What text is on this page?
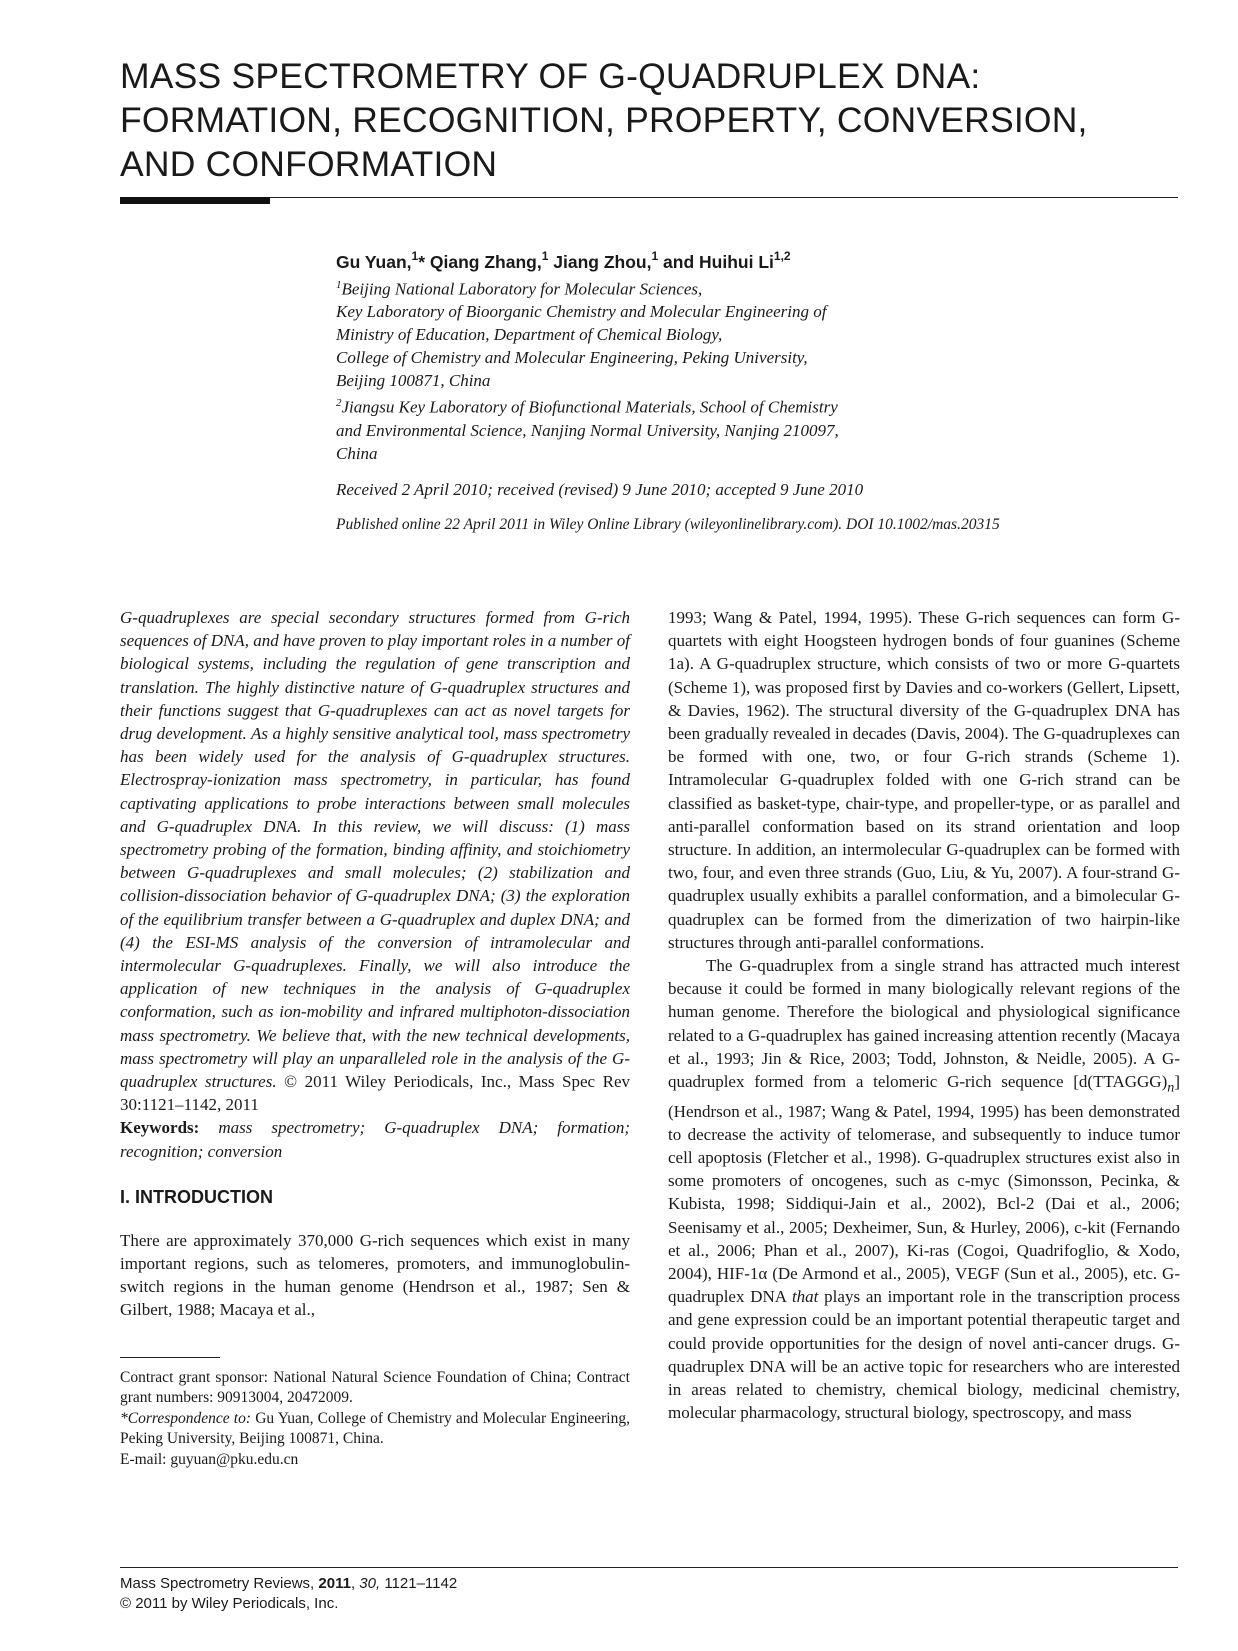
MASS SPECTROMETRY OF G-QUADRUPLEX DNA:
FORMATION, RECOGNITION, PROPERTY, CONVERSION,
AND CONFORMATION
Gu Yuan,$^1$* Qiang Zhang,$^1$ Jiang Zhou,$^1$ and Huihui Li$^{1,2}$
$^1$Beijing National Laboratory for Molecular Sciences,
Key Laboratory of Bioorganic Chemistry and Molecular Engineering of
Ministry of Education, Department of Chemical Biology,
College of Chemistry and Molecular Engineering, Peking University,
Beijing 100871, China
$^2$Jiangsu Key Laboratory of Biofunctional Materials, School of Chemistry
and Environmental Science, Nanjing Normal University, Nanjing 210097,
China
Received 2 April 2010; received (revised) 9 June 2010; accepted 9 June 2010
Published online 22 April 2011 in Wiley Online Library (wileyonlinelibrary.com). DOI 10.1002/mas.20315

G-quadruplexes are special secondary structures formed from G-rich sequences of DNA, and have proven to play important roles in a number of biological systems, including the regulation of gene transcription and translation. The highly distinctive nature of G-quadruplex structures and their functions suggest that G-quadruplexes can act as novel targets for drug development. As a highly sensitive analytical tool, mass spectrometry has been widely used for the analysis of G-quadruplex structures. Electrospray-ionization mass spectrometry, in particular, has found captivating applications to probe interactions between small molecules and G-quadruplex DNA. In this review, we will discuss: (1) mass spectrometry probing of the formation, binding affinity, and stoichiometry between G-quadruplexes and small molecules; (2) stabilization and collision-dissociation behavior of G-quadruplex DNA; (3) the exploration of the equilibrium transfer between a G-quadruplex and duplex DNA; and (4) the ESI-MS analysis of the conversion of intramolecular and intermolecular G-quadruplexes. Finally, we will also introduce the application of new techniques in the analysis of G-quadruplex conformation, such as ion-mobility and infrared multiphoton-dissociation mass spectrometry. We believe that, with the new technical developments, mass spectrometry will play an unparalleled role in the analysis of the G-quadruplex structures. © 2011 Wiley Periodicals, Inc., Mass Spec Rev 30:1121–1142, 2011

Keywords: mass spectrometry; G-quadruplex DNA; formation; recognition; conversion

I. INTRODUCTION

There are approximately 370,000 G-rich sequences which exist in many important regions, such as telomeres, promoters, and immunoglobulin-switch regions in the human genome (Hendrson et al., 1987; Sen & Gilbert, 1988; Macaya et al.,

Contract grant sponsor: National Natural Science Foundation of China; Contract grant numbers: 90913004, 20472009.

*Correspondence to: Gu Yuan, College of Chemistry and Molecular Engineering, Peking University, Beijing 100871, China.

E-mail: guyuan@pku.edu.cn

1993; Wang & Patel, 1994, 1995). These G-rich sequences can form G-quartets with eight Hoogsteen hydrogen bonds of four guanines (Scheme 1a). A G-quadruplex structure, which consists of two or more G-quartets (Scheme 1), was proposed first by Davies and co-workers (Gellert, Lipsett, & Davies, 1962). The structural diversity of the G-quadruplex DNA has been gradually revealed in decades (Davis, 2004). The G-quadruplexes can be formed with one, two, or four G-rich strands (Scheme 1). Intramolecular G-quadruplex folded with one G-rich strand can be classified as basket-type, chair-type, and propeller-type, or as parallel and anti-parallel conformation based on its strand orientation and loop structure. In addition, an intermolecular G-quadruplex can be formed with two, four, and even three strands (Guo, Liu, & Yu, 2007). A four-strand G-quadruplex usually exhibits a parallel conformation, and a bimolecular G-quadruplex can be formed from the dimerization of two hairpin-like structures through anti-parallel conformations.

The G-quadruplex from a single strand has attracted much interest because it could be formed in many biologically relevant regions of the human genome. Therefore the biological and physiological significance related to a G-quadruplex has gained increasing attention recently (Macaya et al., 1993; Jin & Rice, 2003; Todd, Johnston, & Neidle, 2005). A G-quadruplex formed from a telomeric G-rich sequence $[d(TTAGGG)_n]$ (Hendrson et al., 1987; Wang & Patel, 1994, 1995) has been demonstrated to decrease the activity of telomerase, and subsequently to induce tumor cell apoptosis (Fletcher et al., 1998). G-quadruplex structures exist also in some promoters of oncogenes, such as c-myc (Simonsson, Pecinka, & Kubista, 1998; Siddiqui-Jain et al., 2002), Bcl-2 (Dai et al., 2006; Seenisamy et al., 2005; Dexheimer, Sun, & Hurley, 2006), c-kit (Fernando et al., 2006; Phan et al., 2007), Ki-ras (Cogoi, Quadrifoglio, & Xodo, 2004), HIF-1α (De Armond et al., 2005), VEGF (Sun et al., 2005), etc. G-quadruplex DNA that plays an important role in the transcription process and gene expression could be an important potential therapeutic target and could provide opportunities for the design of novel anti-cancer drugs. G-quadruplex DNA will be an active topic for researchers who are interested in areas related to chemistry, chemical biology, medicinal chemistry, molecular pharmacology, structural biology, spectroscopy, and mass

Mass Spectrometry Reviews, 2011, 30, 1121–1142
© 2011 by Wiley Periodicals, Inc.
